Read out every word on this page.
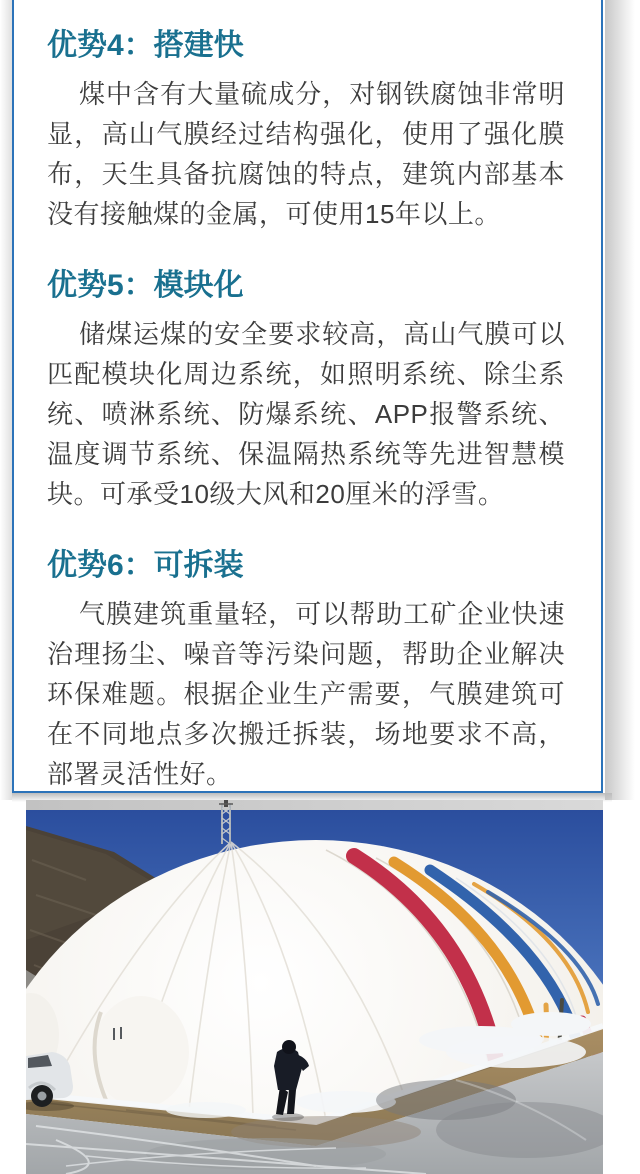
优势4：搭建快

煤中含有大量硫成分，对钢铁腐蚀非常明显，高山气膜经过结构强化，使用了强化膜布，天生具备抗腐蚀的特点，建筑内部基本没有接触煤的金属，可使用15年以上。

优势5：模块化

储煤运煤的安全要求较高，高山气膜可以匹配模块化周边系统，如照明系统、除尘系统、喷淋系统、防爆系统、APP报警系统、温度调节系统、保温隔热系统等先进智慧模块。可承受10级大风和20厘米的浮雪。

优势6：可拆装

气膜建筑重量轻，可以帮助工矿企业快速治理扬尘、噪音等污染问题，帮助企业解决环保难题。根据企业生产需要，气膜建筑可在不同地点多次搬迁拆装，场地要求不高，部署灵活性好。
